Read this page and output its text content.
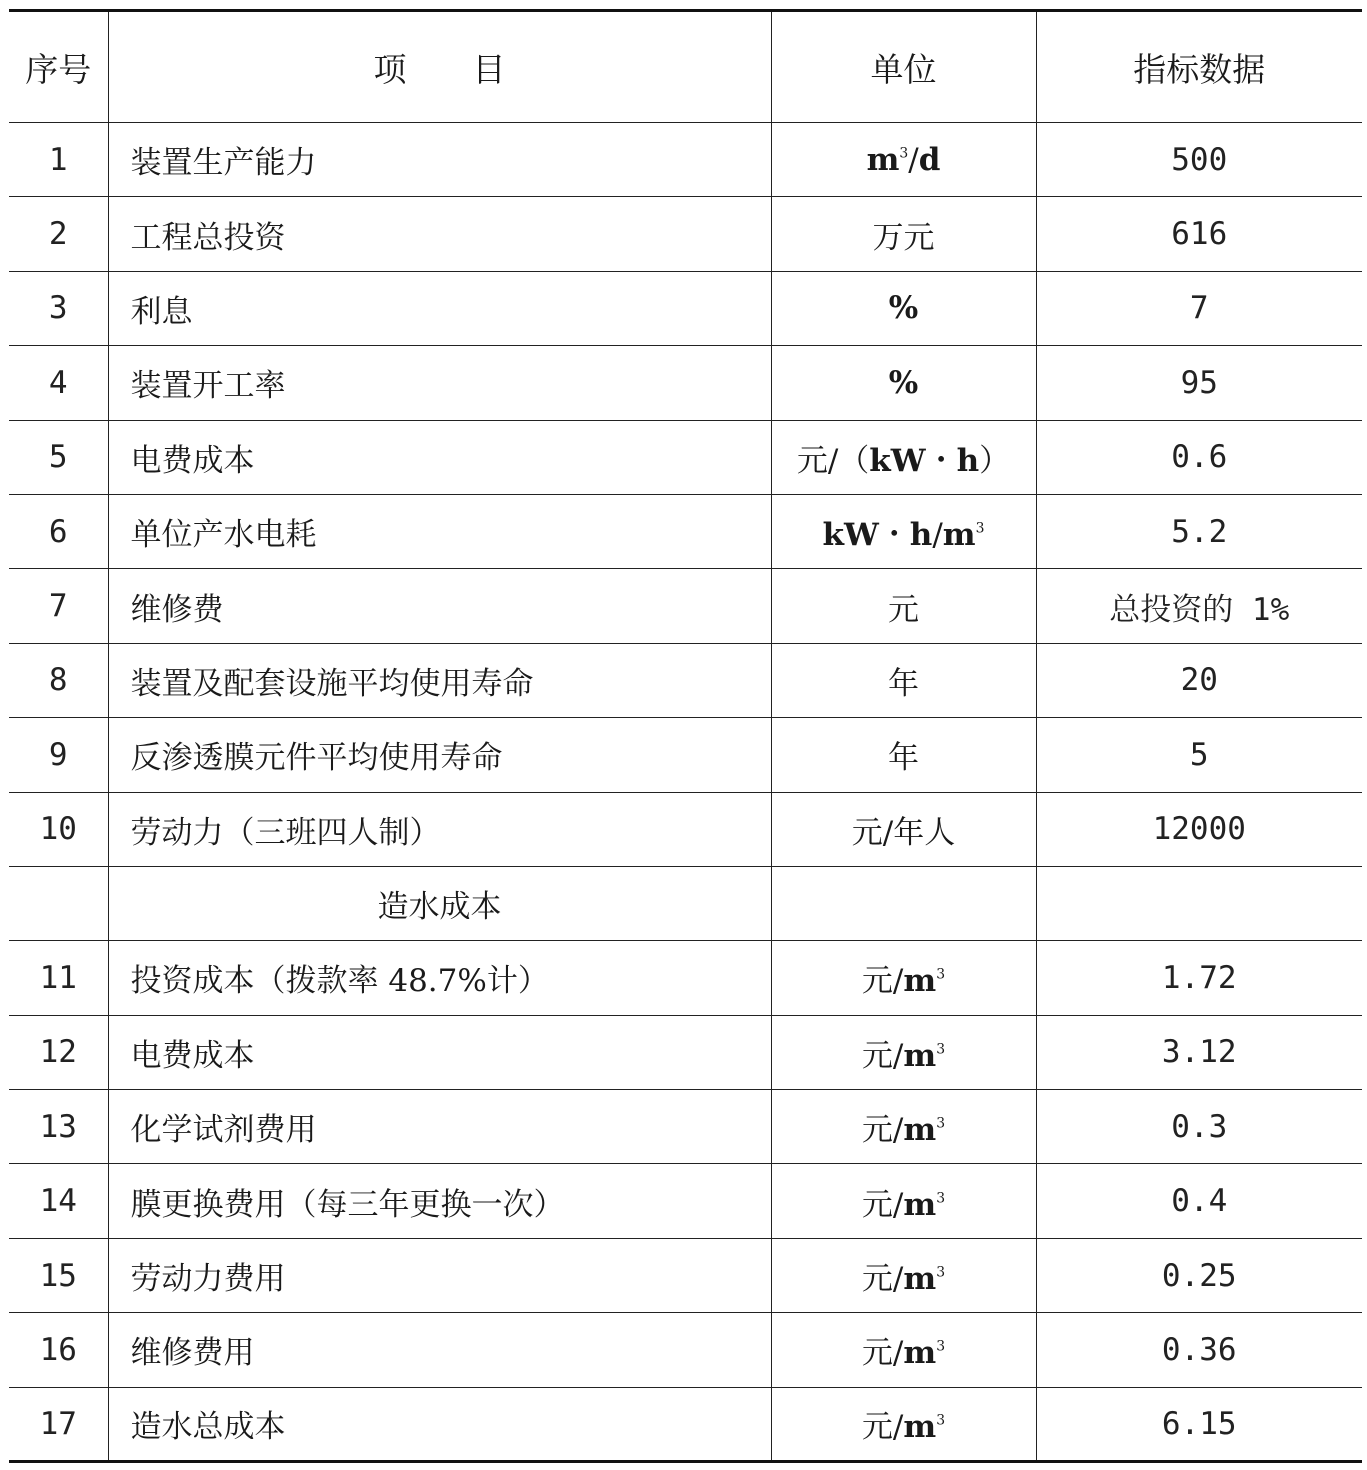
序号	项　　目	单位	指标数据
1	装置生产能力	$m^3/d$	500
2	工程总投资	万元	616
3	利息	%	7
4	装置开工率	%	95
5	电费成本	元/（kW・h）	0.6
6	单位产水电耗	kW・$h/m^3$	5.2
7	维修费	元	总投资的 1%
8	装置及配套设施平均使用寿命	年	20
9	反渗透膜元件平均使用寿命	年	5
10	劳动力（三班四人制）	元/年人	12000
	造水成本		
11	投资成本（拨款率 48.7%计）	元$/m^3$	1.72
12	电费成本	元$/m^3$	3.12
13	化学试剂费用	元$/m^3$	0.3
14	膜更换费用（每三年更换一次）	元$/m^3$	0.4
15	劳动力费用	元$/m^3$	0.25
16	维修费用	元$/m^3$	0.36
17	造水总成本	元$/m^3$	6.15
